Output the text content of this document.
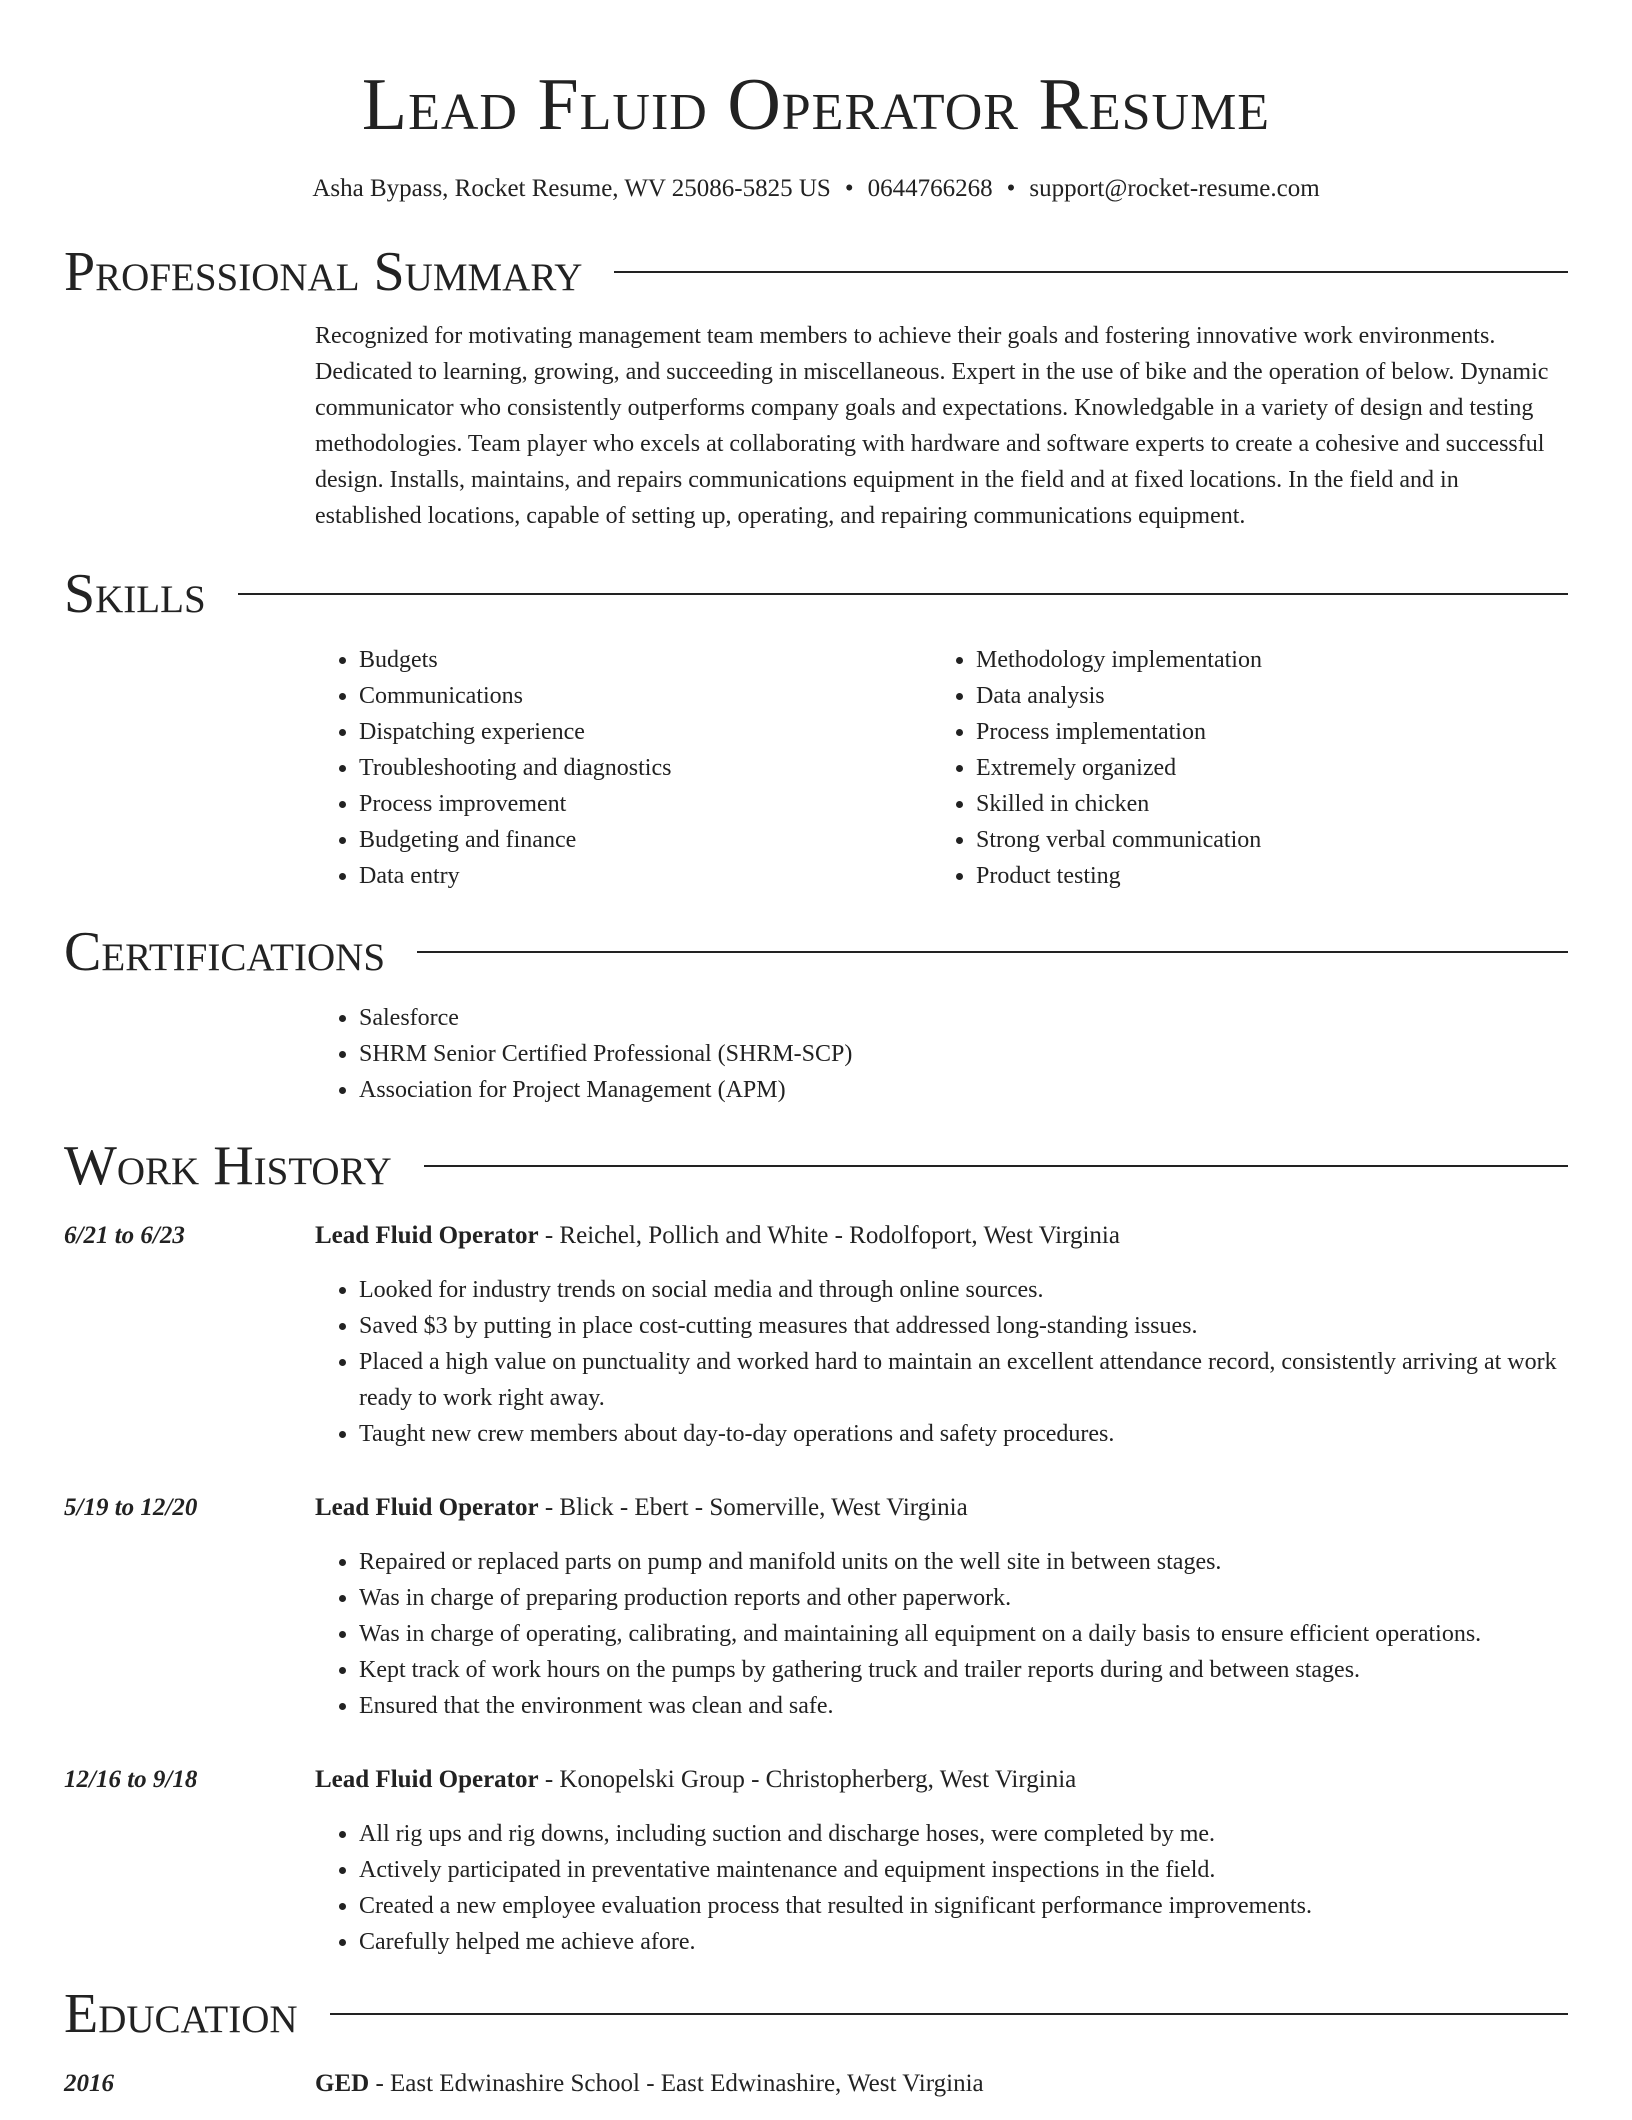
Lead Fluid Operator Resume
Asha Bypass, Rocket Resume, WV 25086-5825 US • 0644766268 • support@rocket-resume.com
Professional Summary

Recognized for motivating management team members to achieve their goals and fostering innovative work environments. Dedicated to learning, growing, and succeeding in miscellaneous. Expert in the use of bike and the operation of below. Dynamic communicator who consistently outperforms company goals and expectations. Knowledgable in a variety of design and testing methodologies. Team player who excels at collaborating with hardware and software experts to create a cohesive and successful design. Installs, maintains, and repairs communications equipment in the field and at fixed locations. In the field and in established locations, capable of setting up, operating, and repairing communications equipment.

Skills
• Budgets
• Communications
• Dispatching experience
• Troubleshooting and diagnostics
• Process improvement
• Budgeting and finance
• Data entry
• Methodology implementation
• Data analysis
• Process implementation
• Extremely organized
• Skilled in chicken
• Strong verbal communication
• Product testing
Certifications
• Salesforce
• SHRM Senior Certified Professional (SHRM-SCP)
• Association for Project Management (APM)
Work History
6/21 to 6/23	Lead Fluid Operator - Reichel, Pollich and White - Rodolfoport, West Virginia
• Looked for industry trends on social media and through online sources.
• Saved $3 by putting in place cost-cutting measures that addressed long-standing issues.
• Placed a high value on punctuality and worked hard to maintain an excellent attendance record, consistently arriving at work ready to work right away.
• Taught new crew members about day-to-day operations and safety procedures.
5/19 to 12/20	Lead Fluid Operator - Blick - Ebert - Somerville, West Virginia
• Repaired or replaced parts on pump and manifold units on the well site in between stages.
• Was in charge of preparing production reports and other paperwork.
• Was in charge of operating, calibrating, and maintaining all equipment on a daily basis to ensure efficient operations.
• Kept track of work hours on the pumps by gathering truck and trailer reports during and between stages.
• Ensured that the environment was clean and safe.
12/16 to 9/18	Lead Fluid Operator - Konopelski Group - Christopherberg, West Virginia
• All rig ups and rig downs, including suction and discharge hoses, were completed by me.
• Actively participated in preventative maintenance and equipment inspections in the field.
• Created a new employee evaluation process that resulted in significant performance improvements.
• Carefully helped me achieve afore.
Education
2016	GED - East Edwinashire School - East Edwinashire, West Virginia
